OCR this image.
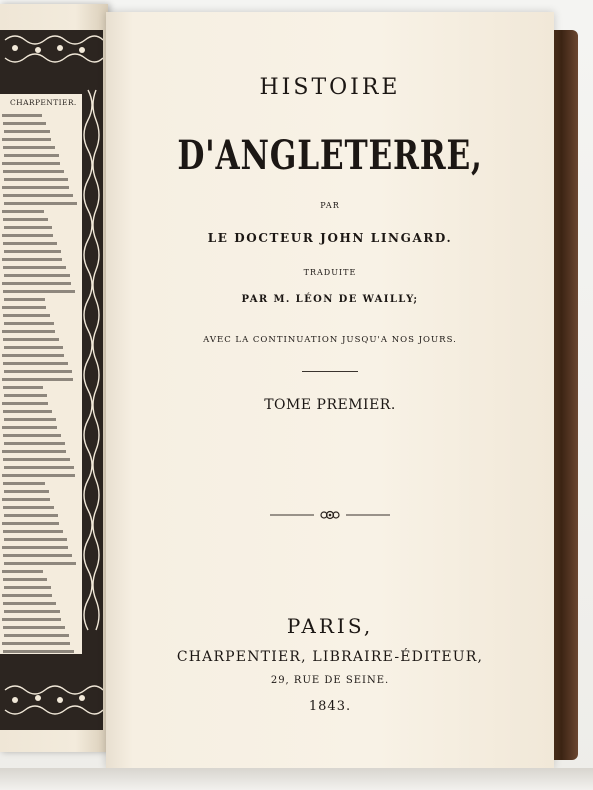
CHARPENTIER.
HISTOIRE
D'ANGLETERRE,
PAR
LE DOCTEUR JOHN LINGARD.
TRADUITE
PAR M. LÉON DE WAILLY;
AVEC LA CONTINUATION JUSQU'A NOS JOURS.
TOME PREMIER.
PARIS,
CHARPENTIER, LIBRAIRE-ÉDITEUR,
29, RUE DE SEINE.
1843.
